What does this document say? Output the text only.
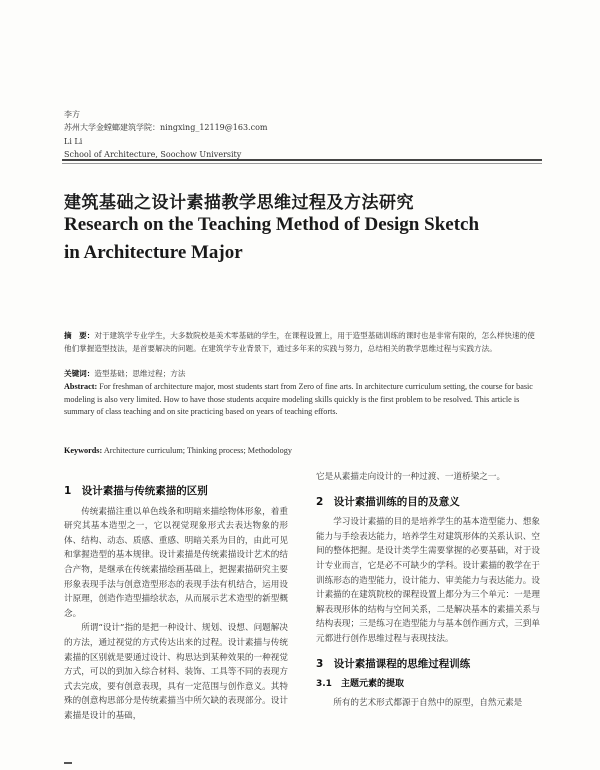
李方
苏州大学金螳螂建筑学院：ningxing_12119@163.com
Li Li
School of Architecture, Soochow University
建筑基础之设计素描教学思维过程及方法研究
Research on the Teaching Method of Design Sketch
in Architecture Major
摘　要：对于建筑学专业学生，大多数院校是美术零基础的学生，在课程设置上，用于造型基础训练的课时也是非常有限的，怎么样快速的使他们掌握造型技法，是首要解决的问题。在建筑学专业背景下，通过多年来的实践与努力，总结相关的教学思维过程与实践方法。
关键词：造型基础；思维过程；方法
Abstract: For freshman of architecture major, most students start from Zero of fine arts. In architecture curriculum setting, the course for basic modeling is also very limited. How to have those students acquire modeling skills quickly is the first problem to be resolved. This article is summary of class teaching and on site practicing based on years of teaching efforts.
Keywords: Architecture curriculum; Thinking process; Methodology
1　设计素描与传统素描的区别

传统素描注重以单色线条和明暗来描绘物体形象，着重研究其基本造型之一，它以视觉现象形式去表达物象的形体、结构、动态、质感、重感、明暗关系为目的，由此可见和掌握造型的基本规律。设计素描是传统素描设计艺术的结合产物，是继承在传统素描绘画基础上，把握素描研究主要形象表现手法与创意造型形态的表现手法有机结合，运用设计原理，创造作造型描绘状态，从而展示艺术造型的新型概念。

所谓“设计”指的是把一种设计、规划、设想、问题解决的方法，通过视觉的方式传达出来的过程。设计素描与传统素描的区别就是要通过设计、构思达到某种效果的一种视觉方式，可以的到加入综合材料、装饰、工具等不同的表现方式去完成，要有创意表现，具有一定范围与创作意义。其特殊的创意构思部分是传统素描当中所欠缺的表现部分。设计素描是设计的基础，

它是从素描走向设计的一种过渡、一道桥梁之一。

2　设计素描训练的目的及意义

学习设计素描的目的是培养学生的基本造型能力、想象能力与手绘表达能力，培养学生对建筑形体的关系认识、空间的整体把握。是设计类学生需要掌握的必要基础，对于设计专业而言，它是必不可缺少的学科。设计素描的教学在于训练形态的造型能力，设计能力、审美能力与表达能力。设计素描的在建筑院校的课程设置上都分为三个单元：一是理解表现形体的结构与空间关系，二是解决基本的素描关系与结构表现；三是练习在造型能力与基本创作画方式，三到单元都进行创作思维过程与表现技法。

3　设计素描课程的思维过程训练
3.1　主题元素的提取

所有的艺术形式都源于自然中的原型，自然元素是
